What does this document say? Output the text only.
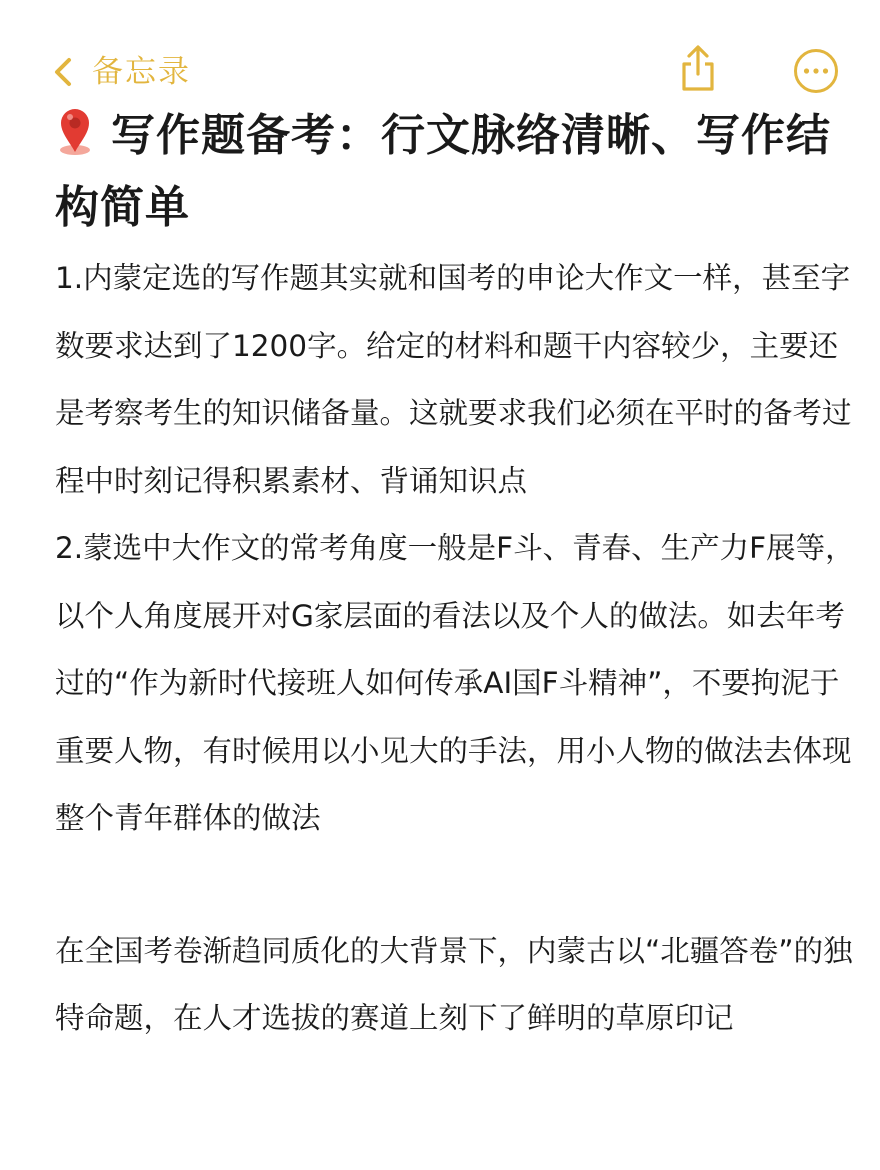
备忘录
写作题备考：行文脉络清晰、写作结构简单

1.内蒙定选的写作题其实就和国考的申论大作文一样，甚至字数要求达到了1200字。给定的材料和题干内容较少，主要还是考察考生的知识储备量。这就要求我们必须在平时的备考过程中时刻记得积累素材、背诵知识点

2.蒙选中大作文的常考角度一般是F斗、青春、生产力F展等，以个人角度展开对G家层面的看法以及个人的做法。如去年考过的“作为新时代接班人如何传承AI国F斗精神”，不要拘泥于重要人物，有时候用以小见大的手法，用小人物的做法去体现整个青年群体的做法

在全国考卷渐趋同质化的大背景下，内蒙古以“北疆答卷”的独特命题，在人才选拔的赛道上刻下了鲜明的草原印记
